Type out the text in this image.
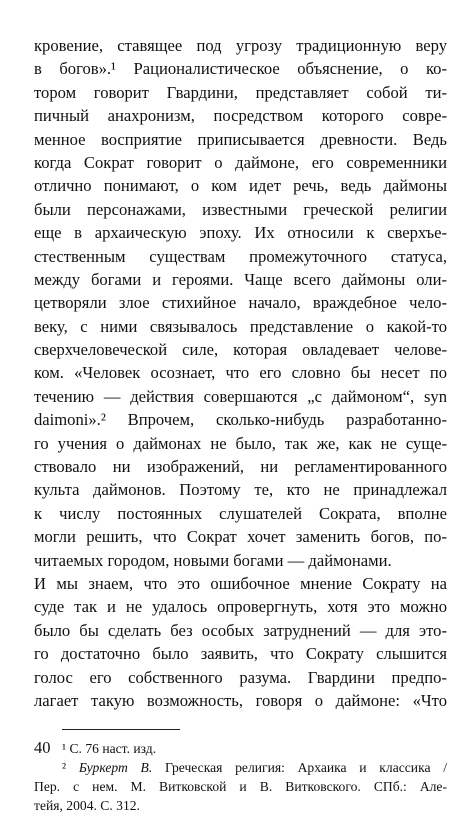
кровение, ставящее под угрозу традиционную веру
в богов».¹ Рационалистическое объяснение, о ко-
тором говорит Гвардини, представляет собой ти-
пичный анахронизм, посредством которого совре-
менное восприятие приписывается древности. Ведь
когда Сократ говорит о даймоне, его современники
отлично понимают, о ком идет речь, ведь даймоны
были персонажами, известными греческой религии
еще в архаическую эпоху. Их относили к сверхъе-
стественным существам промежуточного статуса,
между богами и героями. Чаще всего даймоны оли-
цетворяли злое стихийное начало, враждебное чело-
веку, с ними связывалось представление о какой-то
сверхчеловеческой силе, которая овладевает челове-
ком. «Человек осознает, что его словно бы несет по
течению — действия совершаются „с даймоном“, syn
daimoni».² Впрочем, сколько-нибудь разработанно-
го учения о даймонах не было, так же, как не суще-
ствовало ни изображений, ни регламентированного
культа даймонов. Поэтому те, кто не принадлежал
к числу постоянных слушателей Сократа, вполне
могли решить, что Сократ хочет заменить богов, по-
читаемых городом, новыми богами — даймонами.
И мы знаем, что это ошибочное мнение Сократу на
суде так и не удалось опровергнуть, хотя это можно
было бы сделать без особых затруднений — для это-
го достаточно было заявить, что Сократу слышится
голос его собственного разума. Гвардини предпо-
лагает такую возможность, говоря о даймоне: «Что
¹ С. 76 наст. изд.
² Буркерт В. Греческая религия: Архаика и классика /
Пер. с нем. М. Витковской и В. Витковского. СПб.: Але-
тейя, 2004. С. 312.
40
